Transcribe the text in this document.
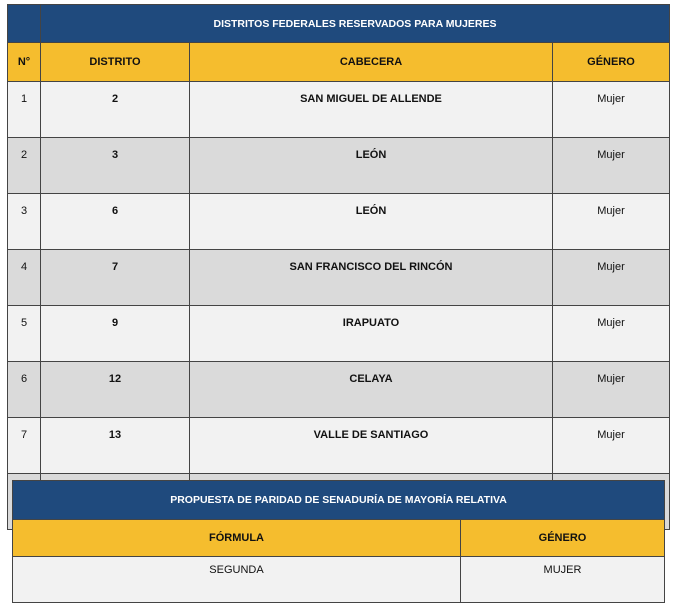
	DISTRITOS FEDERALES RESERVADOS PARA MUJERES		
N°	DISTRITO	CABECERA	GÉNERO
1	2	SAN MIGUEL DE ALLENDE	Mujer
2	3	LEÓN	Mujer
3	6	LEÓN	Mujer
4	7	SAN FRANCISCO DEL RINCÓN	Mujer
5	9	IRAPUATO	Mujer
6	12	CELAYA	Mujer
7	13	VALLE DE SANTIAGO	Mujer

PROPUESTA DE PARIDAD DE SENADURÍA DE MAYORÍA RELATIVA	
FÓRMULA	GÉNERO
SEGUNDA	MUJER
